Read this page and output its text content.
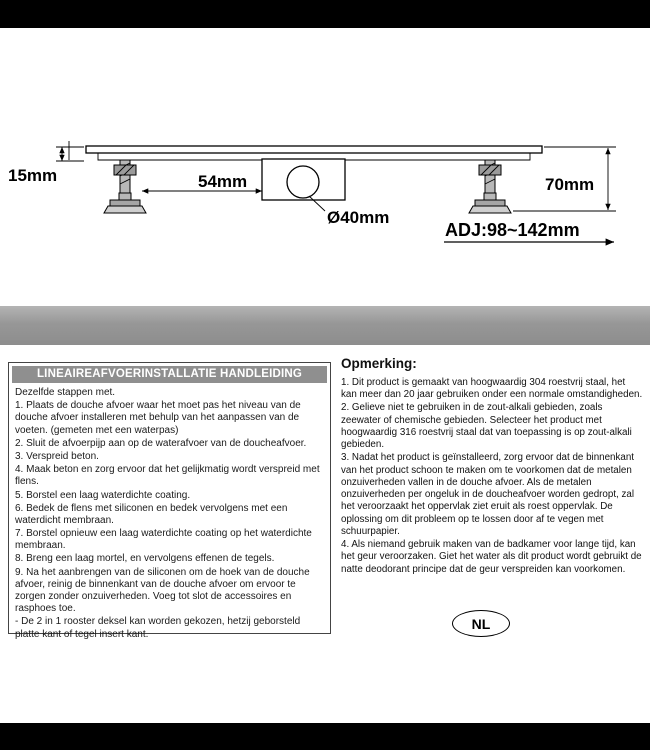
15mm	54mm
Ø40mm
70mm
ADJ:98~142mm
LINEAIREAFVOERINSTALLATIE HANDLEIDING

Dezelfde stappen met.

1. Plaats de douche afvoer waar het moet pas het niveau van de douche afvoer installeren met behulp van het aanpassen van de voeten. (gemeten met een waterpas)

2. Sluit de afvoerpijp aan op de waterafvoer van de doucheafvoer.

3. Verspreid beton.

4. Maak beton en zorg ervoor dat het gelijkmatig wordt verspreid met flens.

5. Borstel een laag waterdichte coating.

6. Bedek de flens met siliconen en bedek vervolgens met een waterdicht membraan.

7. Borstel opnieuw een laag waterdichte coating op het waterdichte membraan.

8. Breng een laag mortel, en vervolgens effenen de tegels.

9. Na het aanbrengen van de siliconen om de hoek van de douche afvoer, reinig de binnenkant van de douche afvoer om ervoor te zorgen zonder onzuiverheden. Voeg tot slot de accessoires en rasphoes toe.

- De 2 in 1 rooster deksel kan worden gekozen, hetzij geborsteld platte kant of tegel insert kant.

Opmerking:

1. Dit product is gemaakt van hoogwaardig 304 roestvrij staal, het kan meer dan 20 jaar gebruiken onder een normale omstandigheden.

2. Gelieve niet te gebruiken in de zout-alkali gebieden, zoals zeewater of chemische gebieden. Selecteer het product met hoogwaardig 316 roestvrij staal dat van toepassing is op zout-alkali gebieden.

3. Nadat het product is geïnstalleerd, zorg ervoor dat de binnenkant van het product schoon te maken om te voorkomen dat de metalen onzuiverheden vallen in de douche afvoer. Als de metalen onzuiverheden per ongeluk in de doucheafvoer worden gedropt, zal het veroorzaakt het oppervlak ziet eruit als roest oppervlak. De oplossing om dit probleem op te lossen door af te vegen met schuurpapier.

4. Als niemand gebruik maken van de badkamer voor lange tijd, kan het geur veroorzaken. Giet het water als dit product wordt gebruikt de natte deodorant principe dat de geur verspreiden kan voorkomen.

NL
